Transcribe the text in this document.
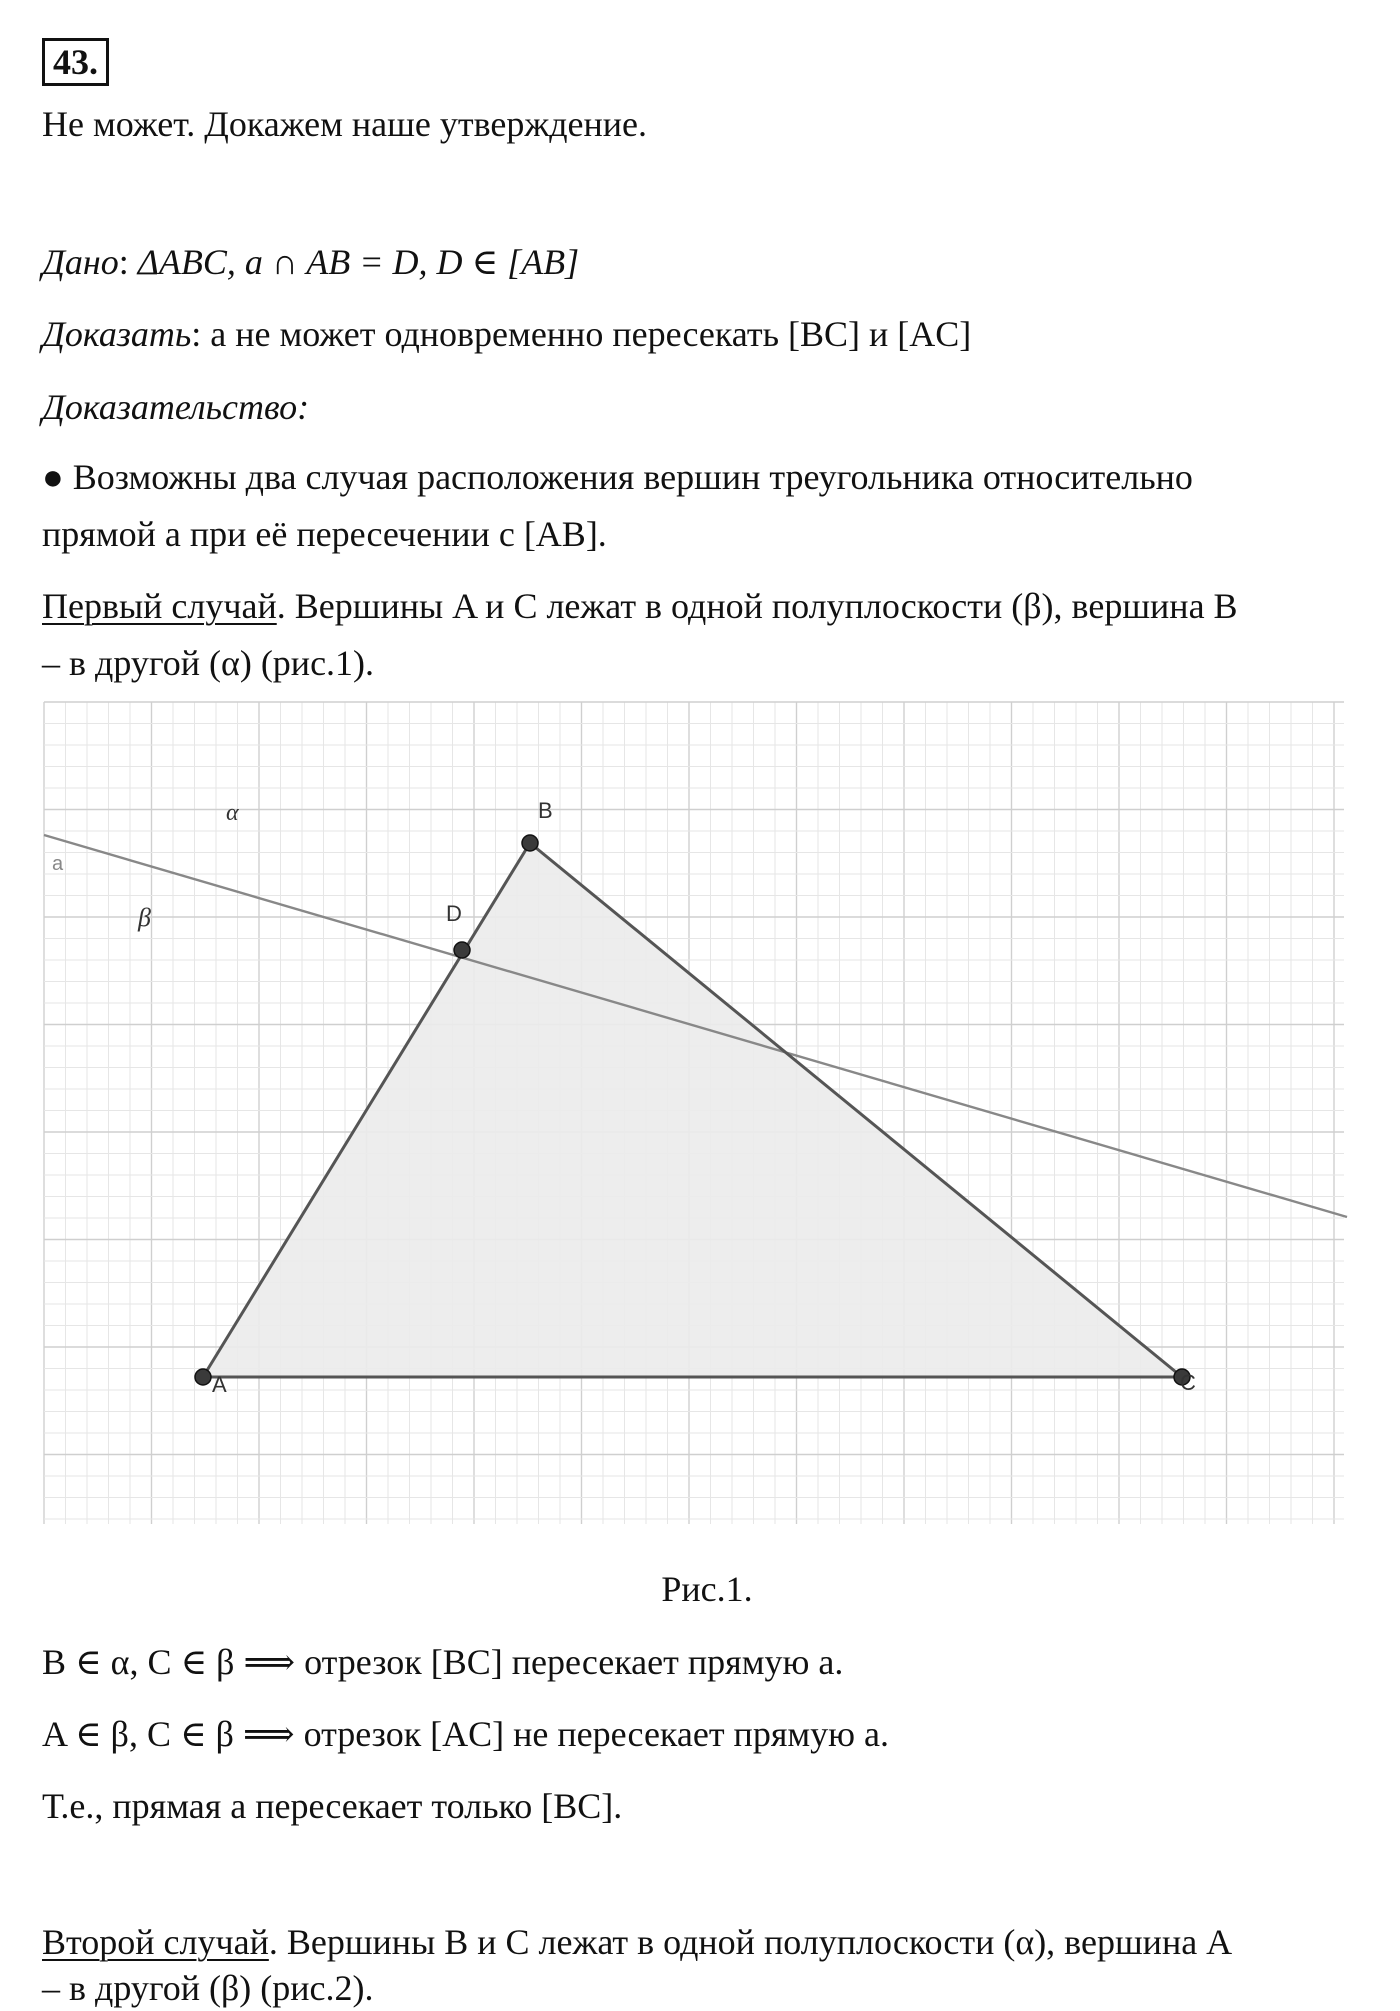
43.
Не может. Докажем наше утверждение.
Дано: ΔABC, a ∩ AB = D, D ∈ [AB]
Доказать: a не может одновременно пересекать [BC] и [AC]
Доказательство:
● Возможны два случая расположения вершин треугольника относительно
прямой a при её пересечении с [AB].
Первый случай. Вершины A и C лежат в одной полуплоскости (β), вершина B
– в другой (α) (рис.1).
A
B
C
D
a
α
β
Рис.1.
B ∈ α, C ∈ β ⟹ отрезок [BC] пересекает прямую a.
A ∈ β, C ∈ β ⟹ отрезок [AC] не пересекает прямую a.
Т.е., прямая a пересекает только [BC].
Второй случай. Вершины B и C лежат в одной полуплоскости (α), вершина A
– в другой (β) (рис.2).
